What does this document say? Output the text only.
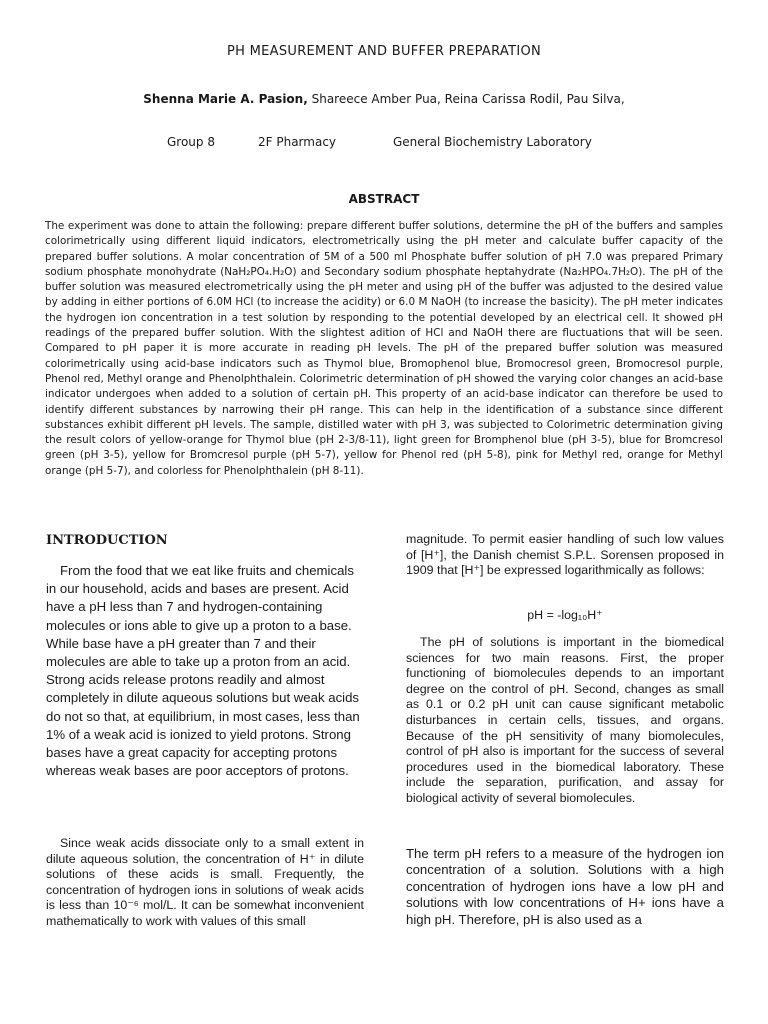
PH MEASUREMENT AND BUFFER PREPARATION
Shenna Marie A. Pasion, Shareece Amber Pua, Reina Carissa Rodil, Pau Silva,
Group 8	2F Pharmacy	General Biochemistry Laboratory
ABSTRACT

The experiment was done to attain the following: prepare different buffer solutions, determine the pH of the buffers and samples colorimetrically using different liquid indicators, electrometrically using the pH meter and calculate buffer capacity of the prepared buffer solutions. A molar concentration of 5M of a 500 ml Phosphate buffer solution of pH 7.0 was prepared Primary sodium phosphate monohydrate (NaH₂PO₄.H₂O) and Secondary sodium phosphate heptahydrate (Na₂HPO₄.7H₂O). The pH of the buffer solution was measured electrometrically using the pH meter and using pH of the buffer was adjusted to the desired value by adding in either portions of 6.0M HCl (to increase the acidity) or 6.0 M NaOH (to increase the basicity). The pH meter indicates the hydrogen ion concentration in a test solution by responding to the potential developed by an electrical cell. It showed pH readings of the prepared buffer solution. With the slightest adition of HCl and NaOH there are fluctuations that will be seen. Compared to pH paper it is more accurate in reading pH levels. The pH of the prepared buffer solution was measured colorimetrically using acid-base indicators such as Thymol blue, Bromophenol blue, Bromocresol green, Bromocresol purple, Phenol red, Methyl orange and Phenolphthalein. Colorimetric determination of pH showed the varying color changes an acid-base indicator undergoes when added to a solution of certain pH. This property of an acid-base indicator can therefore be used to identify different substances by narrowing their pH range. This can help in the identification of a substance since different substances exhibit different pH levels. The sample, distilled water with pH 3, was subjected to Colorimetric determination giving the result colors of yellow-orange for Thymol blue (pH 2-3/8-11), light green for Bromphenol blue (pH 3-5), blue for Bromcresol green (pH 3-5), yellow for Bromcresol purple (pH 5-7), yellow for Phenol red (pH 5-8), pink for Methyl red, orange for Methyl orange (pH 5-7), and colorless for Phenolphthalein (pH 8-11).

INTRODUCTION

From the food that we eat like fruits and chemicals in our household, acids and bases are present. Acid have a pH less than 7 and hydrogen-containing molecules or ions able to give up a proton to a base. While base have a pH greater than 7 and their molecules are able to take up a proton from an acid. Strong acids release protons readily and almost completely in dilute aqueous solutions but weak acids do not so that, at equilibrium, in most cases, less than 1% of a weak acid is ionized to yield protons. Strong bases have a great capacity for accepting protons whereas weak bases are poor acceptors of protons.

Since weak acids dissociate only to a small extent in dilute aqueous solution, the concentration of H⁺ in dilute solutions of these acids is small. Frequently, the concentration of hydrogen ions in solutions of weak acids is less than 10⁻⁶ mol/L. It can be somewhat inconvenient mathematically to work with values of this small

magnitude. To permit easier handling of such low values of [H⁺], the Danish chemist S.P.L. Sorensen proposed in 1909 that [H⁺] be expressed logarithmically as follows:

pH = -log₁₀H⁺

The pH of solutions is important in the biomedical sciences for two main reasons. First, the proper functioning of biomolecules depends to an important degree on the control of pH. Second, changes as small as 0.1 or 0.2 pH unit can cause significant metabolic disturbances in certain cells, tissues, and organs. Because of the pH sensitivity of many biomolecules, control of pH also is important for the success of several procedures used in the biomedical laboratory. These include the separation, purification, and assay for biological activity of several biomolecules.

The term pH refers to a measure of the hydrogen ion concentration of a solution. Solutions with a high concentration of hydrogen ions have a low pH and solutions with low concentrations of H+ ions have a high pH. Therefore, pH is also used as a
